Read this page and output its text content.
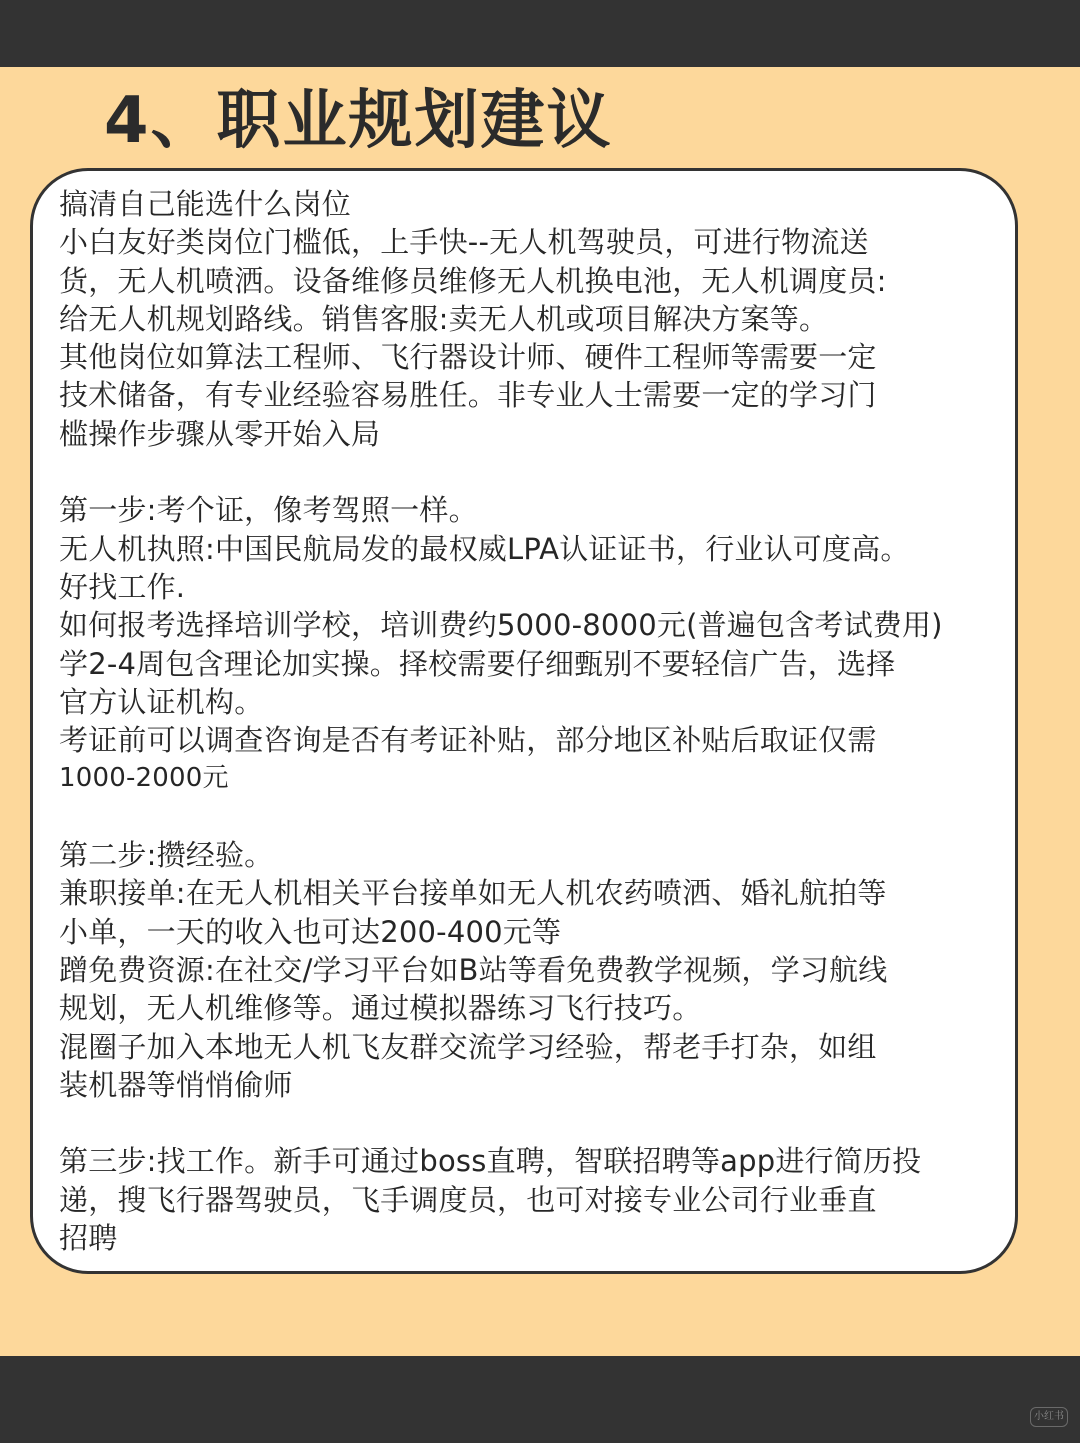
4、职业规划建议
搞清自己能选什么岗位
小白友好类岗位门槛低，上手快--无人机驾驶员，可进行物流送
货，无人机喷洒。设备维修员维修无人机换电池，无人机调度员:
给无人机规划路线。销售客服:卖无人机或项目解决方案等。
其他岗位如算法工程师、飞行器设计师、硬件工程师等需要一定
技术储备，有专业经验容易胜任。非专业人士需要一定的学习门
槛操作步骤从零开始入局
第一步:考个证，像考驾照一样。
无人机执照:中国民航局发的最权威LPA认证证书，行业认可度高。
好找工作.
如何报考选择培训学校，培训费约5000-8000元(普遍包含考试费用)
学2-4周包含理论加实操。择校需要仔细甄别不要轻信广告，选择
官方认证机构。
考证前可以调查咨询是否有考证补贴，部分地区补贴后取证仅需
1000-2000元
第二步:攒经验。
兼职接单:在无人机相关平台接单如无人机农药喷洒、婚礼航拍等
小单，一天的收入也可达200-400元等
蹭免费资源:在社交/学习平台如B站等看免费教学视频，学习航线
规划，无人机维修等。通过模拟器练习飞行技巧。
混圈子加入本地无人机飞友群交流学习经验，帮老手打杂，如组
装机器等悄悄偷师
第三步:找工作。新手可通过boss直聘，智联招聘等app进行简历投
递，搜飞行器驾驶员，飞手调度员，也可对接专业公司行业垂直
招聘
小红书
